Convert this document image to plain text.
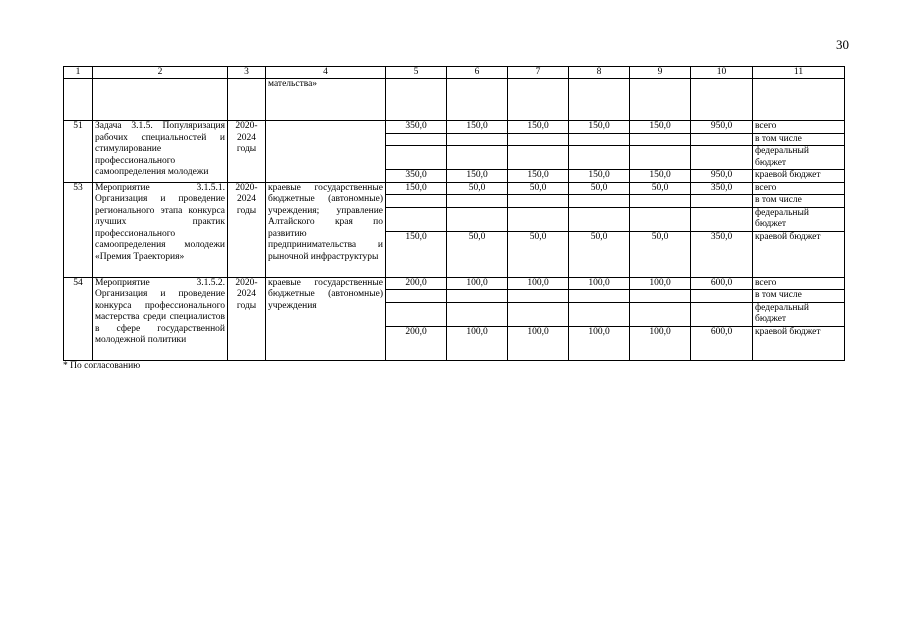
30
1	2	3	4	5	6	7	8	9	10	11
			мательства»							
51	Задача 3.1.5. Популяризация рабочих специальностей и стимулирование профессионального самоопределения молодежи	2020-2024 годы		350,0	150,0	150,0	150,0	150,0	950,0	всего
										в том числе
										федеральный бюджет
				350,0	150,0	150,0	150,0	150,0	950,0	краевой бюджет
53	Мероприятие 3.1.5.1. Организация и проведение регионального этапа конкурса лучших практик профессионального самоопределения молодежи «Премия Траектория»	2020-2024 годы	краевые государственные бюджетные (автономные) учреждения; управление Алтайского края по развитию предпринимательства и рыночной инфраструктуры	150,0	50,0	50,0	50,0	50,0	350,0	всего
										в том числе
										федеральный бюджет
				150,0	50,0	50,0	50,0	50,0	350,0	краевой бюджет
54	Мероприятие 3.1.5.2. Организация и проведение конкурса профессионального мастерства среди специалистов в сфере государственной молодежной политики	2020-2024 годы	краевые государственные бюджетные (автономные) учреждения	200,0	100,0	100,0	100,0	100,0	600,0	всего
										в том числе
										федеральный бюджет
				200,0	100,0	100,0	100,0	100,0	600,0	краевой бюджет
* По согласованию
